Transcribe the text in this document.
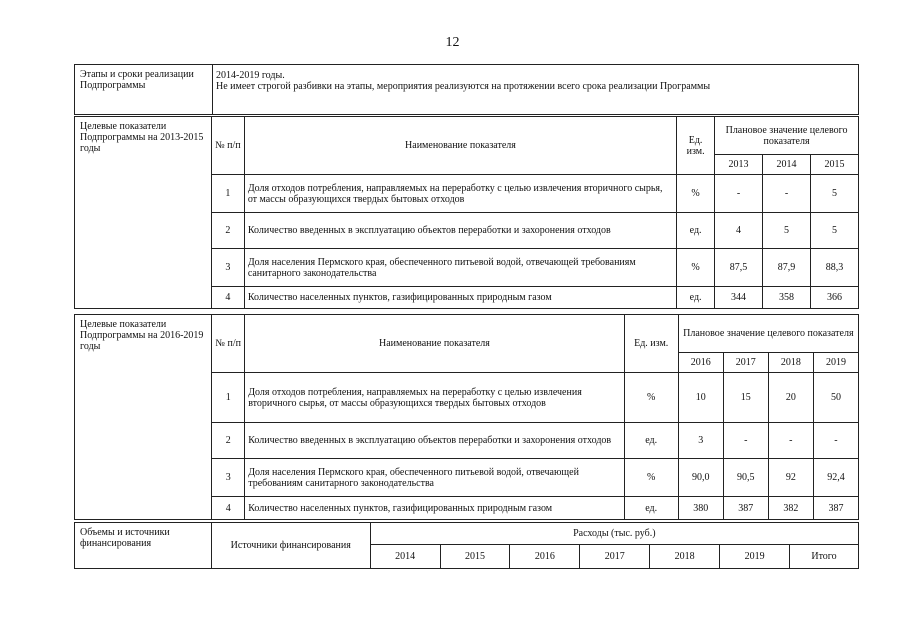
12
Этапы и сроки реализации Подпрограммы	
2014-2019 годы.
Не имеет строгой разбивки на этапы, мероприятия реализуются на протяжении всего срока реализации Программы
Целевые показатели Подпрограммы на 2013-2015 годы	№ п/п	Наименование показателя	Ед. изм.	Плановое значение целевого показателя		
				2013	2014	2015
	1	Доля отходов потребления, направляемых на переработку с целью извлечения вторичного сырья, от массы образующихся твердых бытовых отходов	%	-	-	5
	2	Количество введенных в эксплуатацию объектов переработки и захоронения отходов	ед.	4	5	5
	3	Доля населения Пермского края, обеспеченного питьевой водой, отвечающей требованиям санитарного законодательства	%	87,5	87,9	88,3
	4	Количество населенных пунктов, газифицированных природным газом	ед.	344	358	366
Целевые показатели Подпрограммы на 2016-2019 годы	№ п/п	Наименование показателя	Ед. изм.	Плановое значение целевого показателя			
				2016	2017	2018	2019
	1	Доля отходов потребления, направляемых на переработку с целью извлечения вторичного сырья, от массы образующихся твердых бытовых отходов	%	10	15	20	50
	2	Количество введенных в эксплуатацию объектов переработки и захоронения отходов	ед.	3	-	-	-
	3	Доля населения Пермского края, обеспеченного питьевой водой, отвечающей требованиям санитарного законодательства	%	90,0	90,5	92	92,4
	4	Количество населенных пунктов, газифицированных природным газом	ед.	380	387	382	387
Объемы и источники финансирования	Источники финансирования	Расходы (тыс. руб.)						
		2014	2015	2016	2017	2018	2019	Итого
